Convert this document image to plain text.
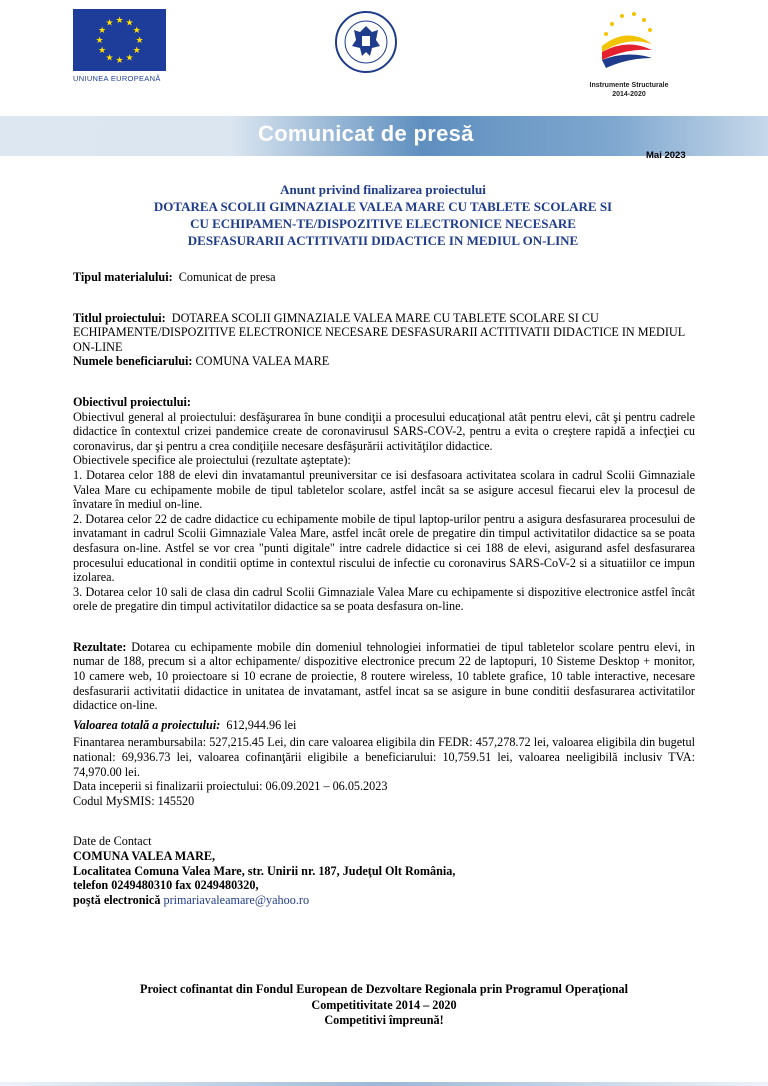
★
★
★
★
★
★
★
★
★ ★ ★
★
UNIUNEA EUROPEANĂ
Instrumente Structurale
2014-2020
Comunicat de presă
Mai 2023
Anunt privind finalizarea proiectului
DOTAREA SCOLII GIMNAZIALE VALEA MARE CU TABLETE SCOLARE SI
CU ECHIPAMEN-TE/DISPOZITIVE ELECTRONICE NECESARE
DESFASURARII ACTITIVATII DIDACTICE IN MEDIUL ON-LINE

Tipul materialului: Comunicat de presa

Titlul proiectului: DOTAREA SCOLII GIMNAZIALE VALEA MARE CU TABLETE SCOLARE SI CU ECHIPAMENTE/DISPOZITIVE ELECTRONICE NECESARE DESFASURARII ACTITIVATII DIDACTICE IN MEDIUL ON-LINE

Numele beneficiarului: COMUNA VALEA MARE

Obiectivul proiectului:

Obiectivul general al proiectului: desfăşurarea în bune condiţii a procesului educaţional atât pentru elevi, cât şi pentru cadrele didactice în contextul crizei pandemice create de coronavirusul SARS-COV-2, pentru a evita o creştere rapidă a infecţiei cu coronavirus, dar şi pentru a crea condiţiile necesare desfăşurării activităţilor didactice.

Obiectivele specifice ale proiectului (rezultate aşteptate):

1. Dotarea celor 188 de elevi din invatamantul preuniversitar ce isi desfasoara activitatea scolara in cadrul Scolii Gimnaziale Valea Mare cu echipamente mobile de tipul tabletelor scolare, astfel incât sa se asigure accesul fiecarui elev la procesul de învatare în mediul on-line.

2. Dotarea celor 22 de cadre didactice cu echipamente mobile de tipul laptop-urilor pentru a asigura desfasurarea procesului de invatamant in cadrul Scolii Gimnaziale Valea Mare, astfel incât orele de pregatire din timpul activitatilor didactice sa se poata desfasura on-line. Astfel se vor crea "punti digitale" intre cadrele didactice si cei 188 de elevi, asigurand asfel desfasurarea procesului educational in conditii optime in contextul riscului de infectie cu coronavirus SARS-CoV-2 si a situatiilor ce impun izolarea.

3. Dotarea celor 10 sali de clasa din cadrul Scolii Gimnaziale Valea Mare cu echipamente si dispozitive electronice astfel încât orele de pregatire din timpul activitatilor didactice sa se poata desfasura on-line.

Rezultate: Dotarea cu echipamente mobile din domeniul tehnologiei informatiei de tipul tabletelor scolare pentru elevi, in numar de 188, precum si a altor echipamente/ dispozitive electronice precum 22 de laptopuri, 10 Sisteme Desktop + monitor, 10 camere web, 10 proiectoare si 10 ecrane de proiectie, 8 routere wireless, 10 tablete grafice, 10 table interactive, necesare desfasurarii activitatii didactice in unitatea de invatamant, astfel incat sa se asigure in bune conditii desfasurarea activitatilor didactice on-line.

Valoarea totală a proiectului: 612,944.96 lei

Finantarea nerambursabila: 527,215.45 Lei, din care valoarea eligibila din FEDR: 457,278.72 lei, valoarea eligibila din bugetul national: 69,936.73 lei, valoarea cofinanţării eligibile a beneficiarului: 10,759.51 lei, valoarea neeligibilă inclusiv TVA: 74,970.00 lei.

Data inceperii si finalizarii proiectului: 06.09.2021 – 06.05.2023

Codul MySMIS: 145520

Date de Contact

COMUNA VALEA MARE,

Localitatea Comuna Valea Mare, str. Unirii nr. 187, Judeţul Olt România,

telefon 0249480310 fax 0249480320,

poştă electronică primariavaleamare@yahoo.ro

Proiect cofinantat din Fondul European de Dezvoltare Regionala prin Programul Operaţional
Competitivitate 2014 – 2020
Competitivi împreună!
